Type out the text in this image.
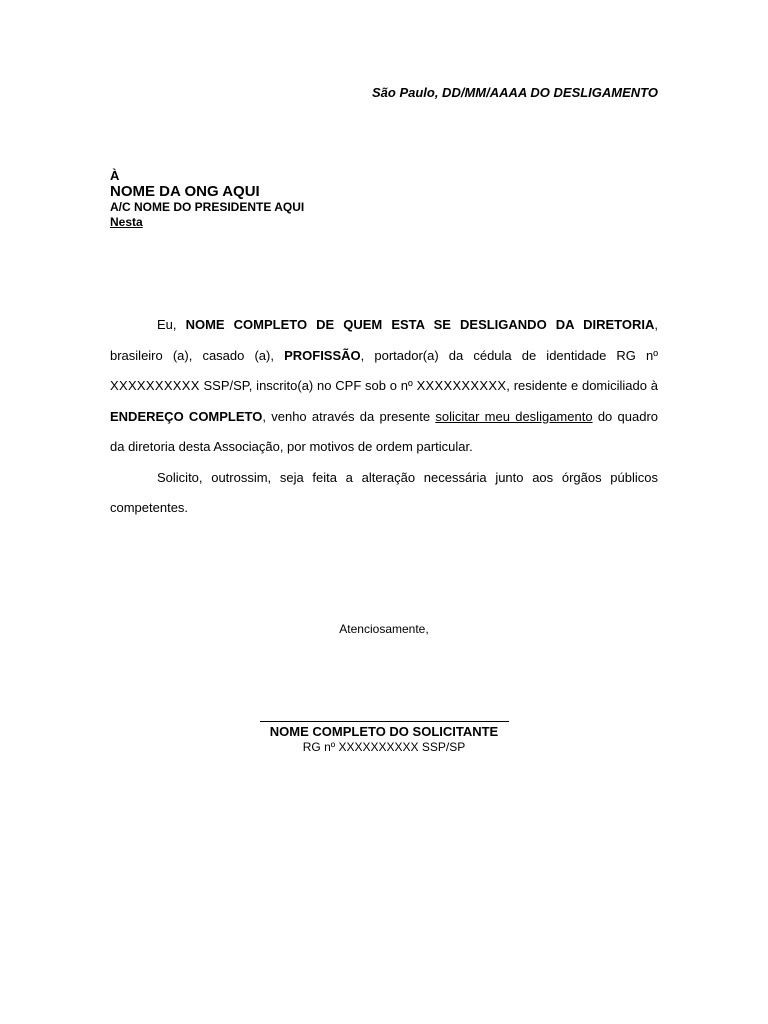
São Paulo, DD/MM/AAAA DO DESLIGAMENTO
À
NOME DA ONG AQUI
A/C NOME DO PRESIDENTE AQUI
Nesta

Eu, NOME COMPLETO DE QUEM ESTA SE DESLIGANDO DA DIRETORIA, brasileiro (a), casado (a), PROFISSÃO, portador(a) da cédula de identidade RG nº XXXXXXXXXX SSP/SP, inscrito(a) no CPF sob o nº XXXXXXXXXX, residente e domiciliado à ENDEREÇO COMPLETO, venho através da presente solicitar meu desligamento do quadro da diretoria desta Associação, por motivos de ordem particular.

Solicito, outrossim, seja feita a alteração necessária junto aos órgãos públicos competentes.

Atenciosamente,
NOME COMPLETO DO SOLICITANTE
RG nº XXXXXXXXXX SSP/SP
